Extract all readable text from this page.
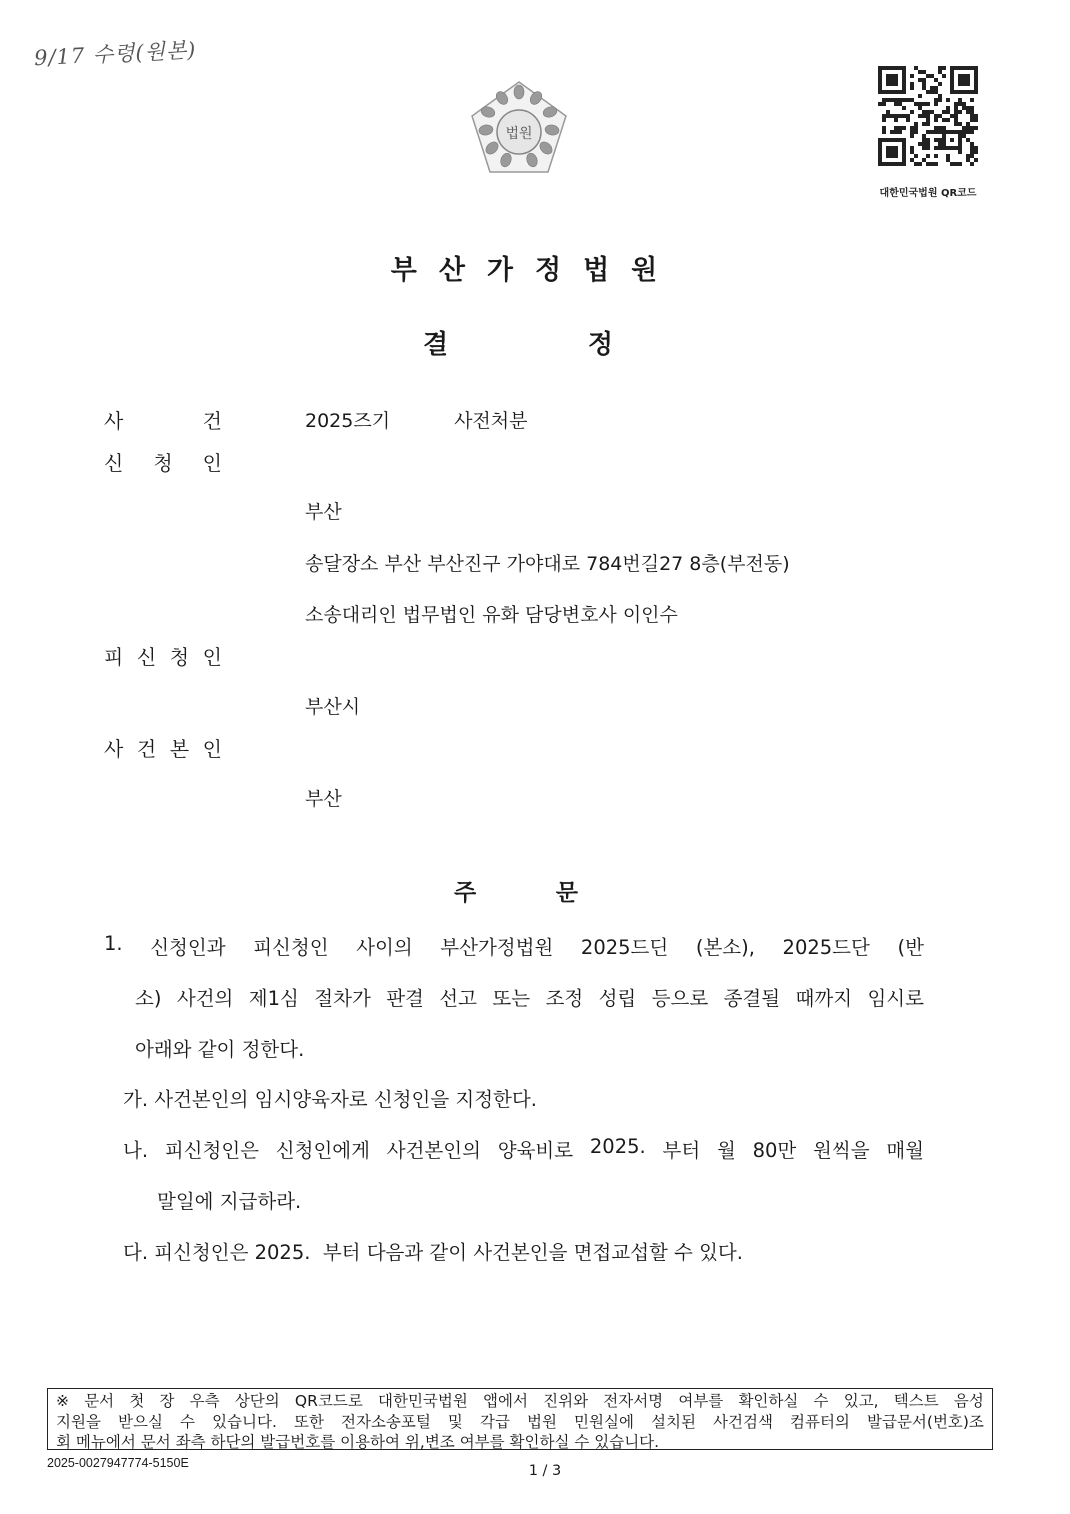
9/17 수령(원본)
법원
대한민국법원 QR코드
부산가정법원
결	정
사	건	2025즈기	사전처분
신 청 인
부산
송달장소 부산 부산진구 가야대로 784번길27 8층(부전동)
소송대리인 법무법인 유화 담당변호사 이인수
피 신 청 인
부산시
사 건 본 인
부산
주	문
1. 신청인과 피신청인 사이의 부산가정법원 2025드딘 (본소), 2025드단 (반
소) 사건의 제1심 절차가 판결 선고 또는 조정 성립 등으로 종결될 때까지 임시로
아래와 같이 정한다.
가. 사건본인의 임시양육자로 신청인을 지정한다.
나. 피신청인은 신청인에게 사건본인의 양육비로 2025. 부터 월 80만 원씩을 매월
말일에 지급하라.
다. 피신청인은 2025.  부터 다음과 같이 사건본인을 면접교섭할 수 있다.
※ 문서 첫 장 우측 상단의 QR코드로 대한민국법원 앱에서 진위와 전자서명 여부를 확인하실 수 있고, 텍스트 음성
지원을 받으실 수 있습니다. 또한 전자소송포털 및 각급 법원 민원실에 설치된 사건검색 컴퓨터의 발급문서(번호)조
회 메뉴에서 문서 좌측 하단의 발급번호를 이용하여 위,변조 여부를 확인하실 수 있습니다.
2025-0027947774-5150E	1 / 3
